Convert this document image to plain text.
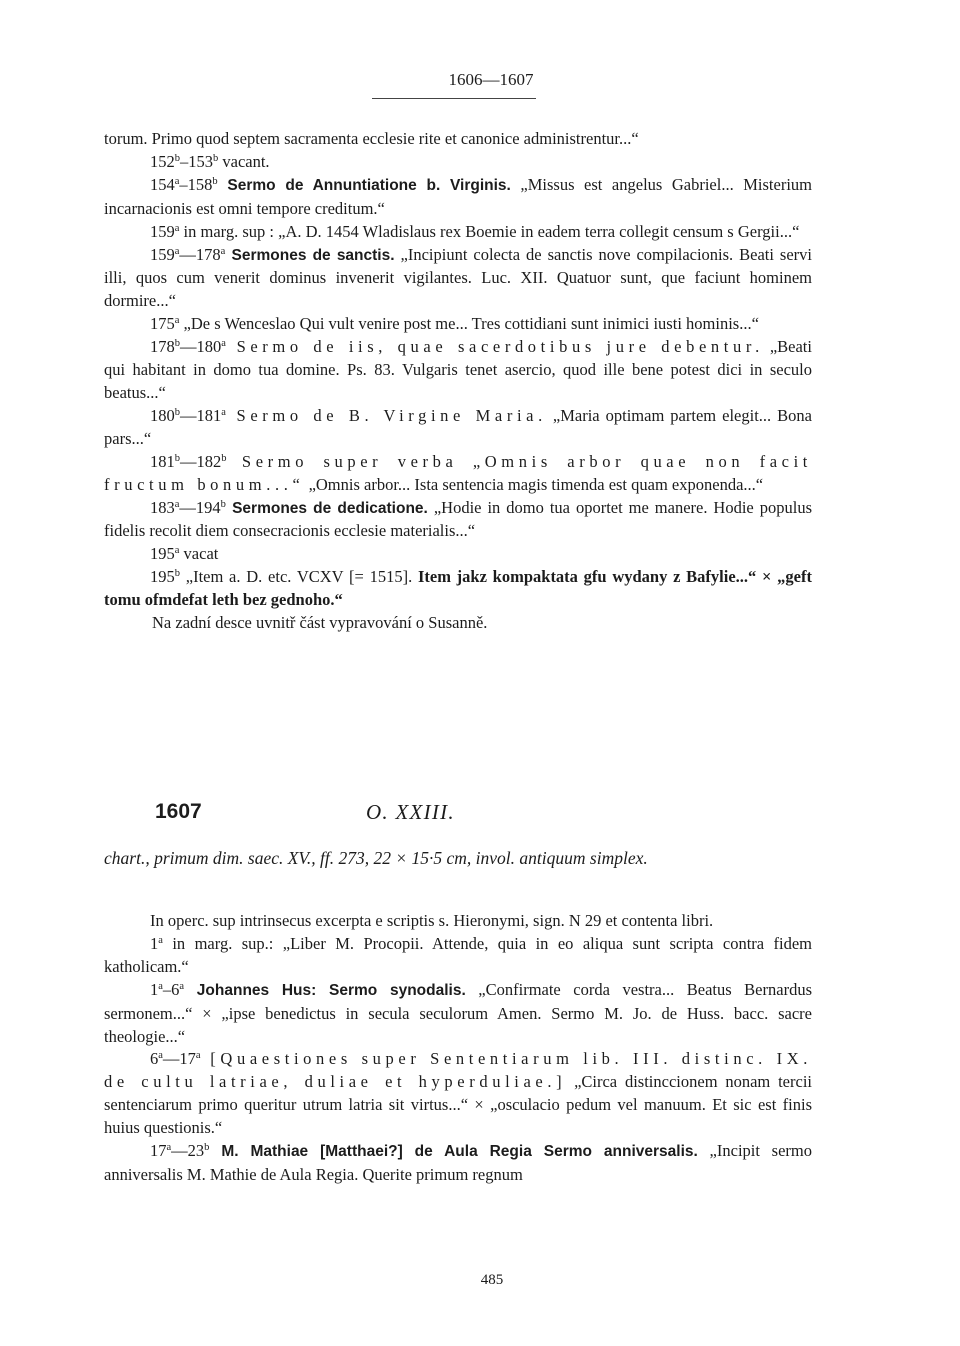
1606—1607

torum. Primo quod septem sacramenta ecclesie rite et canonice administrentur...“

152$^b$–153$^b$ vacant.

154$^a$–158$^b$ Sermo de Annuntiatione b. Virginis. „Missus est angelus Gabriel... Misterium incarnacionis est omni tempore creditum.“

159$^a$ in marg. sup : „A. D. 1454 Wladislaus rex Boemie in eadem terra collegit censum s Gergii...“

159$^a$—178$^a$ Sermones de sanctis. „Incipiunt colecta de sanctis nove compilacionis. Beati servi illi, quos cum venerit dominus invenerit vigilantes. Luc. XII. Quatuor sunt, que faciunt hominem dormire...“

175$^a$ „De s Wenceslao Qui vult venire post me... Tres cottidiani sunt inimici iusti hominis...“

178$^b$—180$^a$ Sermo de iis, quae sacerdotibus jure debentur. „Beati qui habitant in domo tua domine. Ps. 83. Vulgaris tenet asercio, quod ille bene potest dici in seculo beatus...“

180$^b$—181$^a$ Sermo de B. Virgine Maria. „Maria optimam partem elegit... Bona pars...“

181$^b$—182$^b$ Sermo super verba „Omnis arbor quae non facit fructum bonum...“ „Omnis arbor... Ista sentencia magis timenda est quam exponenda...“

183$^a$—194$^b$ Sermones de dedicatione. „Hodie in domo tua oportet me manere. Hodie populus fidelis recolit diem consecracionis ecclesie materialis...“

195$^a$ vacat

195$^b$ „Item a. D. etc. VCXV [= 1515]. Item jakz kompaktata gfu wydany z Bafylie...“ × „geft tomu ofmdefat leth bez gednoho.“

Na zadní desce uvnitř část vypravování o Susanně.

1607	O. XXIII.
chart., primum dim. saec. XV., ff. 273, 22 × 15·5 cm, invol. antiquum simplex.

In operc. sup intrinsecus excerpta e scriptis s. Hieronymi, sign. N 29 et contenta libri.

1$^a$ in marg. sup.: „Liber M. Procopii. Attende, quia in eo aliqua sunt scripta contra fidem katholicam.“

1$^a$–6$^a$ Johannes Hus: Sermo synodalis. „Confirmate corda vestra... Beatus Bernardus sermonem...“ × „ipse benedictus in secula seculorum Amen. Sermo M. Jo. de Huss. bacc. sacre theologie...“

6$^a$—17$^a$ [Quaestiones super Sententiarum lib. III. distinc. IX. de cultu latriae, duliae et hyperduliae.] „Circa distinccionem nonam tercii sentenciarum primo queritur utrum latria sit virtus...“ × „osculacio pedum vel manuum. Et sic est finis huius questionis.“

17$^a$—23$^b$ M. Mathiae [Matthaei?] de Aula Regia Sermo anniversalis. „Incipit sermo anniversalis M. Mathie de Aula Regia. Querite primum regnum

485
